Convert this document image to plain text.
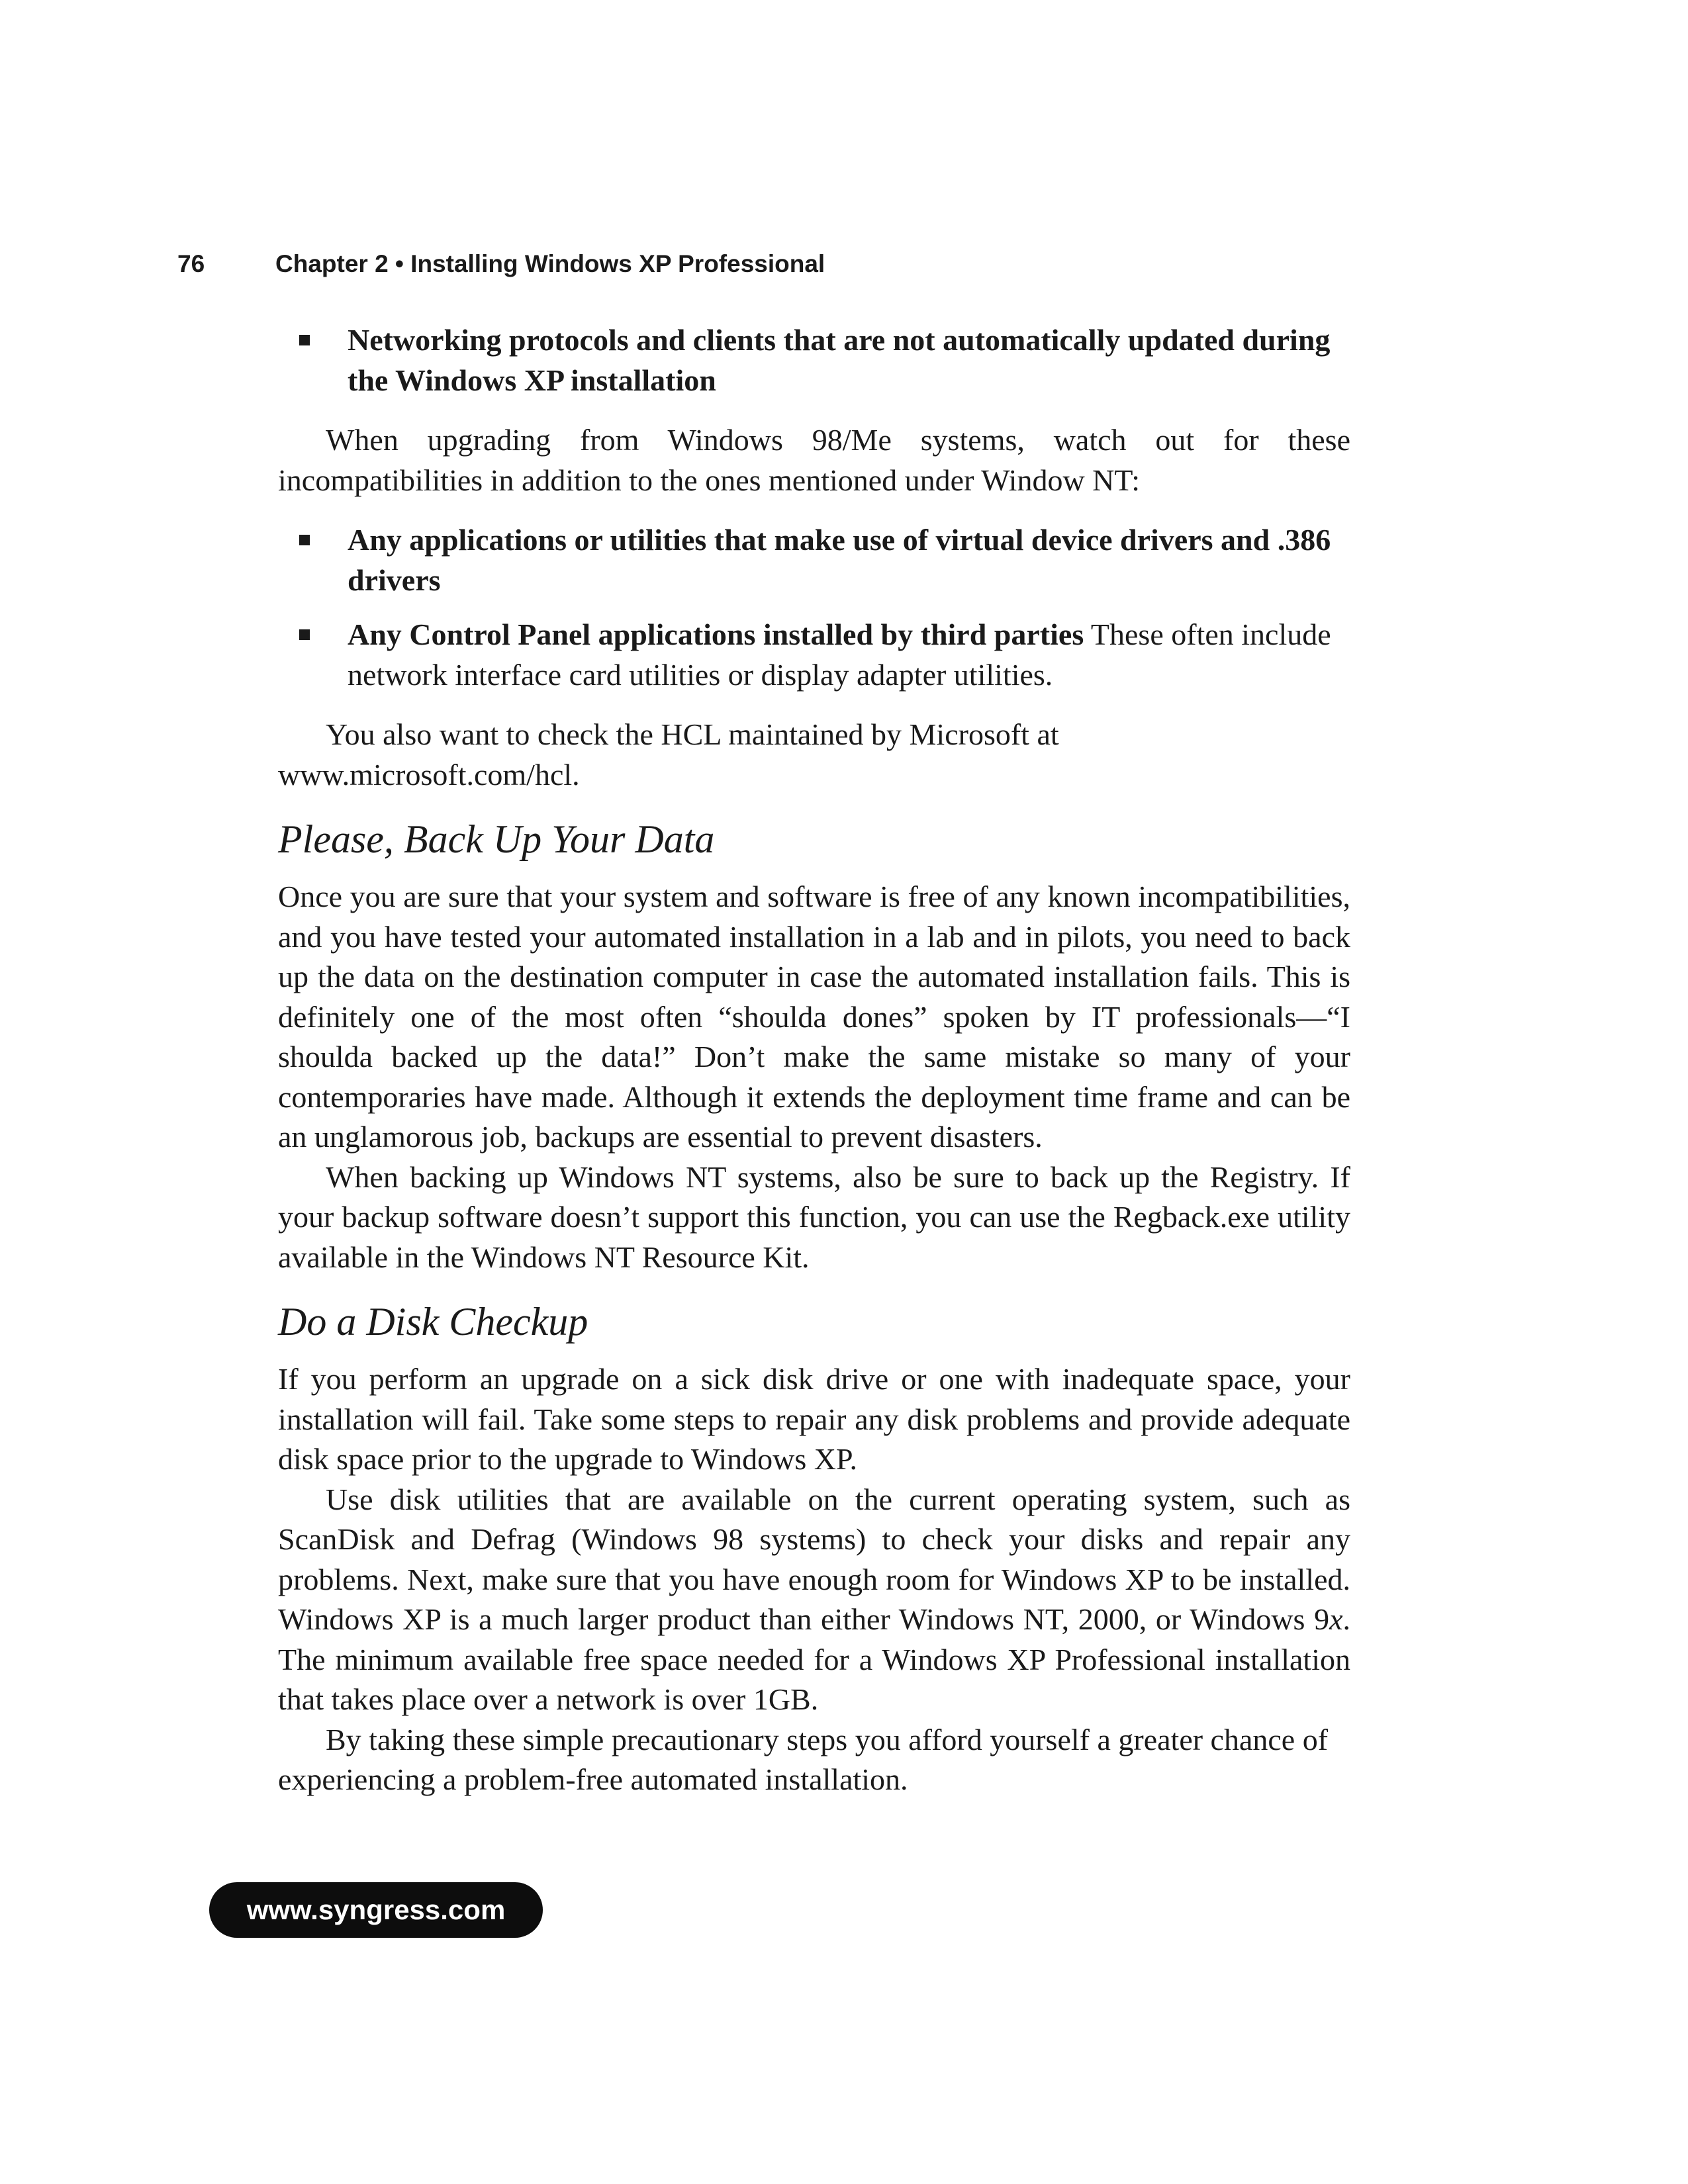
76	Chapter 2 • Installing Windows XP Professional
Networking protocols and clients that are not automatically updated during the Windows XP installation

When upgrading from Windows 98/Me systems, watch out for these incompatibilities in addition to the ones mentioned under Window NT:

Any applications or utilities that make use of virtual device drivers and .386 drivers
Any Control Panel applications installed by third parties These often include network interface card utilities or display adapter utilities.

You also want to check the HCL maintained by Microsoft at www.microsoft.com/hcl.

Please, Back Up Your Data

Once you are sure that your system and software is free of any known incompatibilities, and you have tested your automated installation in a lab and in pilots, you need to back up the data on the destination computer in case the automated installation fails. This is definitely one of the most often “shoulda dones” spoken by IT professionals—“I shoulda backed up the data!” Don’t make the same mistake so many of your contemporaries have made. Although it extends the deployment time frame and can be an unglamorous job, backups are essential to prevent disasters.

When backing up Windows NT systems, also be sure to back up the Registry. If your backup software doesn’t support this function, you can use the Regback.exe utility available in the Windows NT Resource Kit.

Do a Disk Checkup

If you perform an upgrade on a sick disk drive or one with inadequate space, your installation will fail. Take some steps to repair any disk problems and provide adequate disk space prior to the upgrade to Windows XP.

Use disk utilities that are available on the current operating system, such as ScanDisk and Defrag (Windows 98 systems) to check your disks and repair any problems. Next, make sure that you have enough room for Windows XP to be installed. Windows XP is a much larger product than either Windows NT, 2000, or Windows 9x. The minimum available free space needed for a Windows XP Professional installation that takes place over a network is over 1GB.

By taking these simple precautionary steps you afford yourself a greater chance of experiencing a problem-free automated installation.

www.syngress.com
